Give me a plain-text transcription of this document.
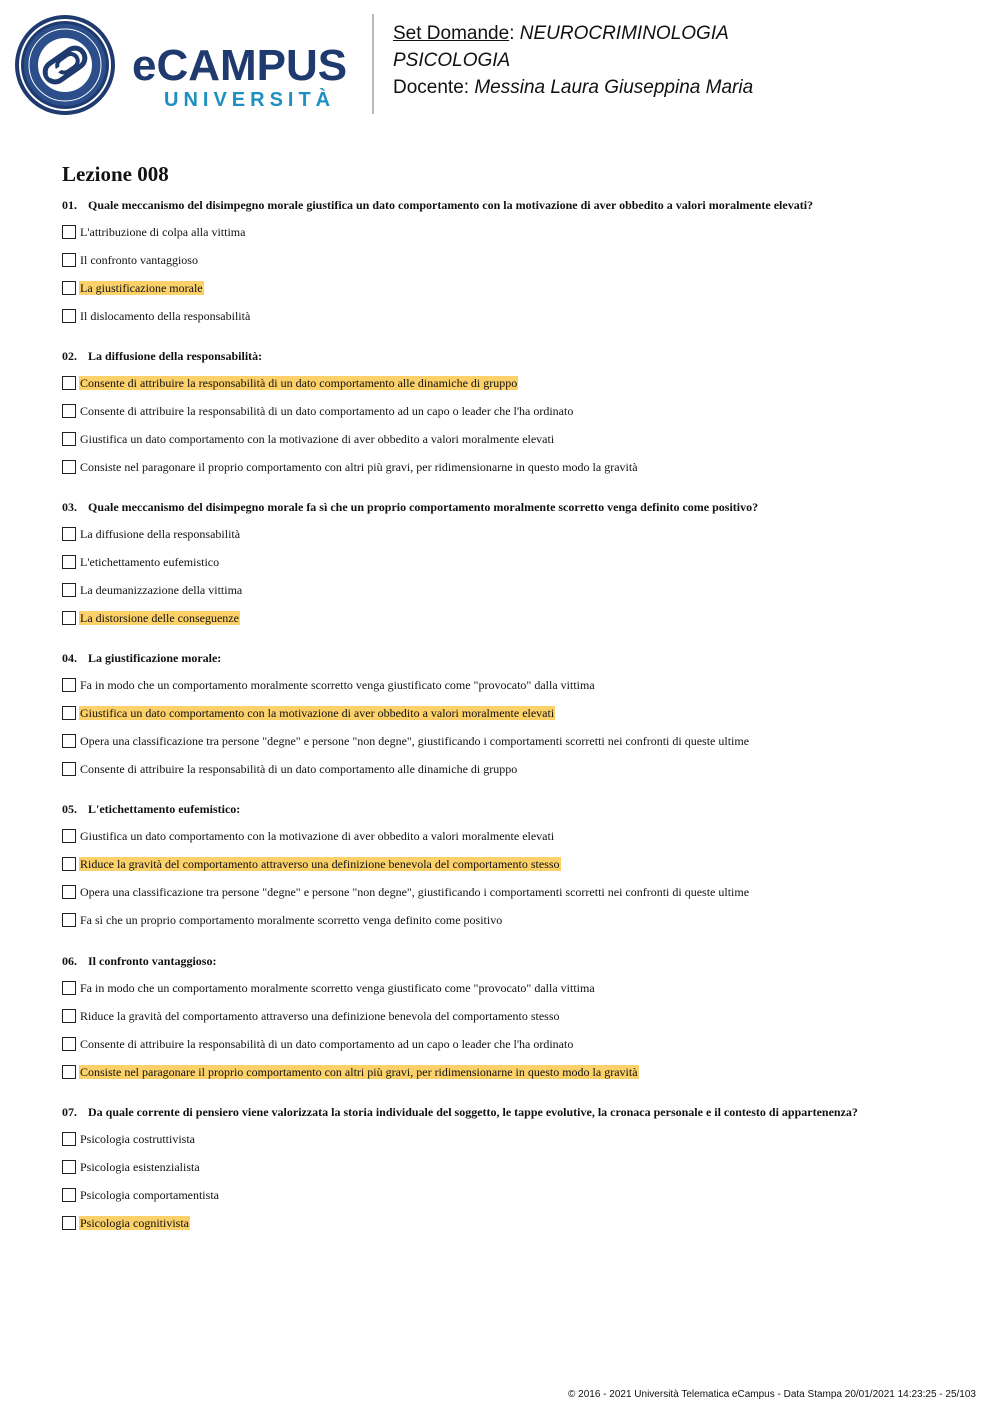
eCAMPUS
UNIVERSITÀ
Set Domande: NEUROCRIMINOLOGIA
PSICOLOGIA
Docente: Messina Laura Giuseppina Maria
Lezione 008
01. Quale meccanismo del disimpegno morale giustifica un dato comportamento con la motivazione di aver obbedito a valori moralmente elevati?
L'attribuzione di colpa alla vittima
Il confronto vantaggioso
La giustificazione morale
Il dislocamento della responsabilità
02. La diffusione della responsabilità:
Consente di attribuire la responsabilità di un dato comportamento alle dinamiche di gruppo
Consente di attribuire la responsabilità di un dato comportamento ad un capo o leader che l'ha ordinato
Giustifica un dato comportamento con la motivazione di aver obbedito a valori moralmente elevati
Consiste nel paragonare il proprio comportamento con altri più gravi, per ridimensionarne in questo modo la gravità
03. Quale meccanismo del disimpegno morale fa sì che un proprio comportamento moralmente scorretto venga definito come positivo?
La diffusione della responsabilità
L'etichettamento eufemistico
La deumanizzazione della vittima
La distorsione delle conseguenze
04. La giustificazione morale:
Fa in modo che un comportamento moralmente scorretto venga giustificato come "provocato" dalla vittima
Giustifica un dato comportamento con la motivazione di aver obbedito a valori moralmente elevati
Opera una classificazione tra persone "degne" e persone "non degne", giustificando i comportamenti scorretti nei confronti di queste ultime
Consente di attribuire la responsabilità di un dato comportamento alle dinamiche di gruppo
05. L'etichettamento eufemistico:
Giustifica un dato comportamento con la motivazione di aver obbedito a valori moralmente elevati
Riduce la gravità del comportamento attraverso una definizione benevola del comportamento stesso
Opera una classificazione tra persone "degne" e persone "non degne", giustificando i comportamenti scorretti nei confronti di queste ultime
Fa sì che un proprio comportamento moralmente scorretto venga definito come positivo
06. Il confronto vantaggioso:
Fa in modo che un comportamento moralmente scorretto venga giustificato come "provocato" dalla vittima
Riduce la gravità del comportamento attraverso una definizione benevola del comportamento stesso
Consente di attribuire la responsabilità di un dato comportamento ad un capo o leader che l'ha ordinato
Consiste nel paragonare il proprio comportamento con altri più gravi, per ridimensionarne in questo modo la gravità
07. Da quale corrente di pensiero viene valorizzata la storia individuale del soggetto, le tappe evolutive, la cronaca personale e il contesto di appartenenza?
Psicologia costruttivista
Psicologia esistenzialista
Psicologia comportamentista
Psicologia cognitivista
© 2016 - 2021 Università Telematica eCampus - Data Stampa 20/01/2021 14:23:25 - 25/103
